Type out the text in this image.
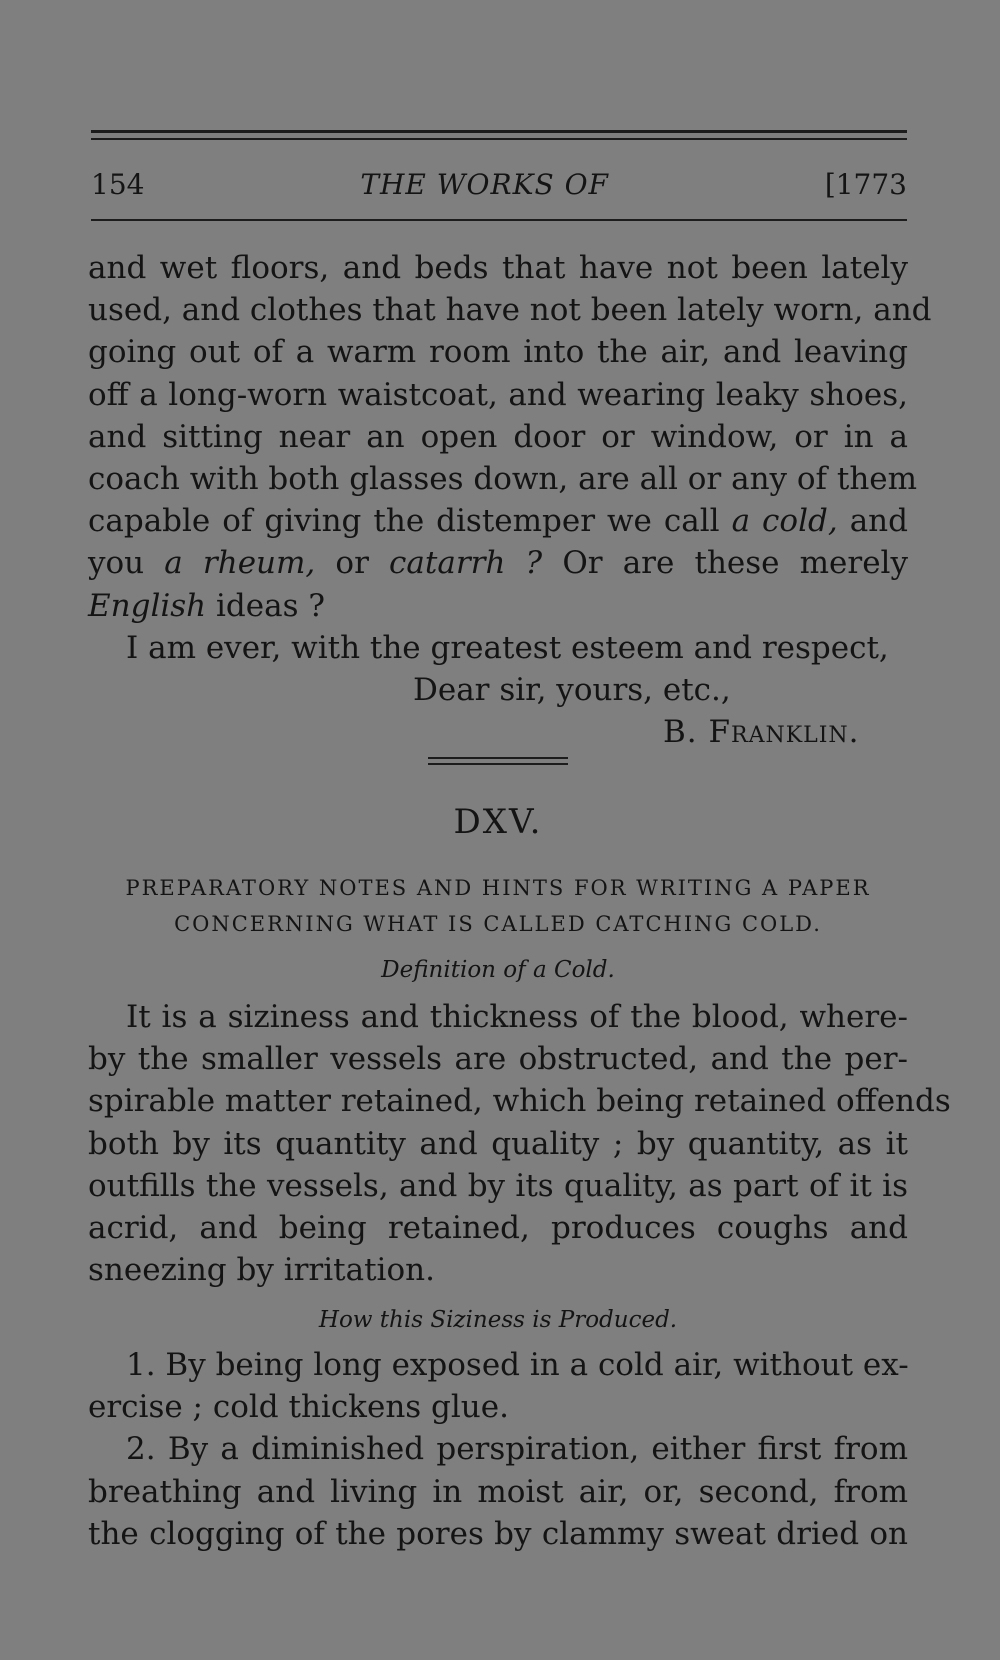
154	THE WORKS OF	[1773
and wet floors, and beds that have not been lately
used, and clothes that have not been lately worn, and
going out of a warm room into the air, and leaving
off a long-worn waistcoat, and wearing leaky shoes,
and sitting near an open door or window, or in a
coach with both glasses down, are all or any of them
capable of giving the distemper we call a cold, and
you a rheum, or catarrh ? Or are these merely
English ideas ?
I am ever, with the greatest esteem and respect,
Dear sir, yours, etc.,
B. Franklin.
DXV.
PREPARATORY NOTES AND HINTS FOR WRITING A PAPER
CONCERNING WHAT IS CALLED CATCHING COLD.
Definition of a Cold.
It is a siziness and thickness of the blood, where-
by the smaller vessels are obstructed, and the per-
spirable matter retained, which being retained offends
both by its quantity and quality ; by quantity, as it
outfills the vessels, and by its quality, as part of it is
acrid, and being retained, produces coughs and
sneezing by irritation.
How this Siziness is Produced.
1. By being long exposed in a cold air, without ex-
ercise ; cold thickens glue.
2. By a diminished perspiration, either first from
breathing and living in moist air, or, second, from
the clogging of the pores by clammy sweat dried on
